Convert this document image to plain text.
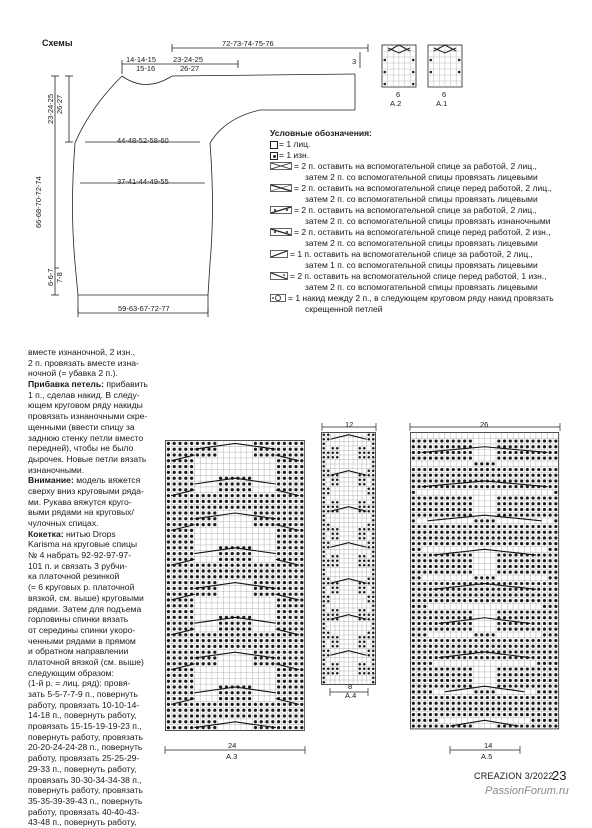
Схемы	72-73-74-75-76
14-14-15
15-16
23-24-25
26-27
3
44-48-52-58-60
37-41-44-49-55
59-63-67-72-77
23-24-25 26-27
66-68-70-72-74
6-6-7 7-8
6
A.2
6
A.1
Условные обозначения:
= 1 лиц.
= 1 изн.
= 2 п. оставить на вспомогательной спице за работой, 2 лиц.,
затем 2 п. со вспомогательной спицы провязать лицевыми
= 2 п. оставить на вспомогательной спице перед работой, 2 лиц.,
затем 2 п. со вспомогательной спицы провязать лицевыми
= 2 п. оставить на вспомогательной спице за работой, 2 лиц.,
затем 2 п. со вспомогательной спицы провязать изнаночными
= 2 п. оставить на вспомогательной спице перед работой, 2 изн.,
затем 2 п. со вспомогательной спицы провязать лицевыми
= 1 п. оставить на вспомогательной спице за работой, 2 лиц.,
затем 1 п. со вспомогательной спицы провязать лицевыми
= 2 п. оставить на вспомогательной спице перед работой, 1 изн.,
затем 2 п. со вспомогательной спицы провязать лицевыми
= 1 накид между 2 п., в следующем круговом ряду накид провязать
скрещенной петлей
вместе изнаночной, 2 изн.,
2 п. провязать вместе изна-
ночной (= убавка 2 п.).
Прибавка петель: прибавить
1 п., сделав накид. В следу-
ющем круговом ряду накиды
провязать изнаночными скре-
щенными (ввести спицу за
заднюю стенку петли вместо
передней), чтобы не было
дырочек. Новые петли вязать
изнаночными.
Внимание: модель вяжется
сверху вниз круговыми ряда-
ми. Рукава вяжутся круго-
выми рядами на круговых/
чулочных спицах.
Кокетка: нитью Drops
Karisma на круговые спицы
№ 4 набрать 92-92-97-97-
101 п. и связать 3 рубчи-
ка платочной резинкой
(= 6 круговых р. платочной
вязкой, см. выше) круговыми
рядами. Затем для подъема
горловины спинки вязать
от середины спинки укоро-
ченными рядами в прямом
и обратном направлении
платочной вязкой (см. выше)
следующим образом:
(1-й р. = лиц. ряд): провя-
зать 5-5-7-7-9 п., повернуть
работу, провязать 10-10-14-
14-18 п., повернуть работу,
провязать 15-15-19-19-23 п.,
повернуть работу, провязать
20-20-24-24-28 п., повернуть
работу, провязать 25-25-29-
29-33 п., повернуть работу,
провязать 30-30-34-34-38 п.,
повернуть работу, провязать
35-35-39-39-43 п., повернуть
работу, провязать 40-40-43-
43-48 п., повернуть работу,
12	26
24
A.3
8
A.4
14
A.5
CREAZION 3/2022
23
PassionForum.ru
